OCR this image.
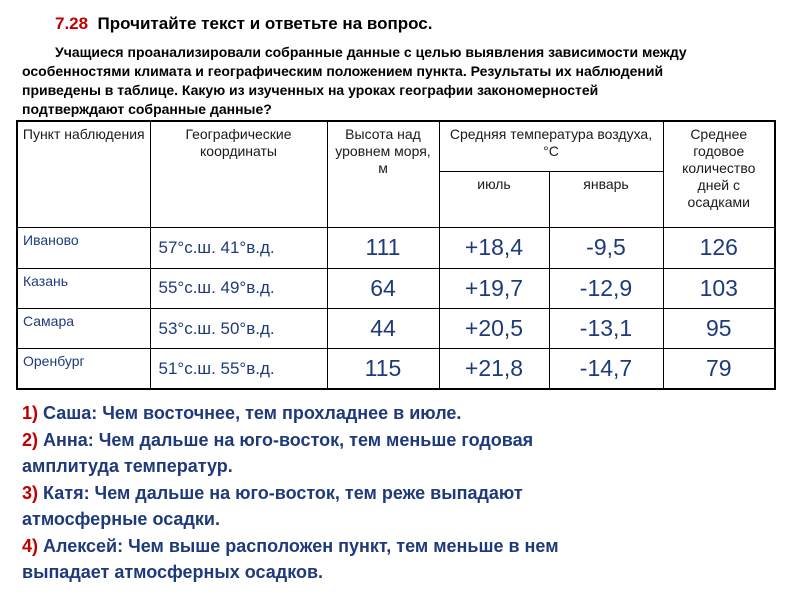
7.28 Прочитайте текст и ответьте на вопрос.
Учащиеся проанализировали собранные данные с целью выявления зависимости между
особенностями климата и географическим положением пункта. Результаты их наблюдений
приведены в таблице. Какую из изученных на уроках географии закономерностей
подтверждают собранные данные?
Пункт наблюдения	Географические координаты	Высота над уровнем моря, м	Средняя температура воздуха, °С		Среднее годовое количество дней с осадками
			июль	январь	
Иваново	57°с.ш. 41°в.д.	111	+18,4	-9,5	126
Казань	55°с.ш. 49°в.д.	64	+19,7	-12,9	103
Самара	53°с.ш. 50°в.д.	44	+20,5	-13,1	95
Оренбург	51°с.ш. 55°в.д.	115	+21,8	-14,7	79
1) Саша: Чем восточнее, тем прохладнее в июле.
2) Анна: Чем дальше на юго-восток, тем меньше годовая
амплитуда температур.
3) Катя: Чем дальше на юго-восток, тем реже выпадают
атмосферные осадки.
4) Алексей: Чем выше расположен пункт, тем меньше в нем
выпадает атмосферных осадков.
